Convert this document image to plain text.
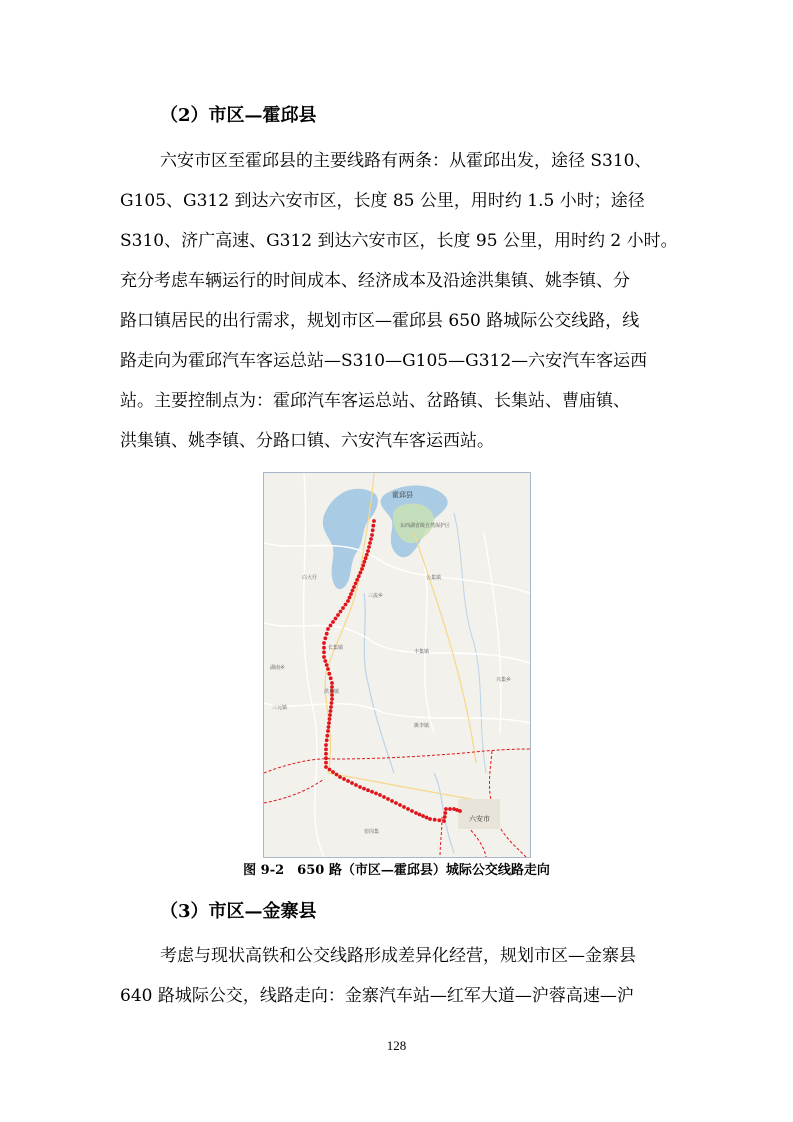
（2）市区—霍邱县
六安市区至霍邱县的主要线路有两条：从霍邱出发，途径 S310、
G105、G312 到达六安市区，长度 85 公里，用时约 1.5 小时；途径
S310、济广高速、G312 到达六安市区，长度 95 公里，用时约 2 小时。
充分考虑车辆运行的时间成本、经济成本及沿途洪集镇、姚李镇、分
路口镇居民的出行需求，规划市区—霍邱县 650 路城际公交线路，线
路走向为霍邱汽车客运总站—S310—G105—G312—六安汽车客运西
站。主要控制点为：霍邱汽车客运总站、岔路镇、长集站、曹庙镇、
洪集镇、姚李镇、分路口镇、六安汽车客运西站。
霍邱县
六安市
东西湖省级自然保护区
三流乡
白大圩
长集镇
公集镇
丰集镇
洪集镇
姚李镇
三元镇
湖南乡
窑岗集
兴集乡
图 9-2　650 路（市区—霍邱县）城际公交线路走向
（3）市区—金寨县
考虑与现状高铁和公交线路形成差异化经营，规划市区—金寨县
640 路城际公交，线路走向：金寨汽车站—红军大道—沪蓉高速—沪
128
